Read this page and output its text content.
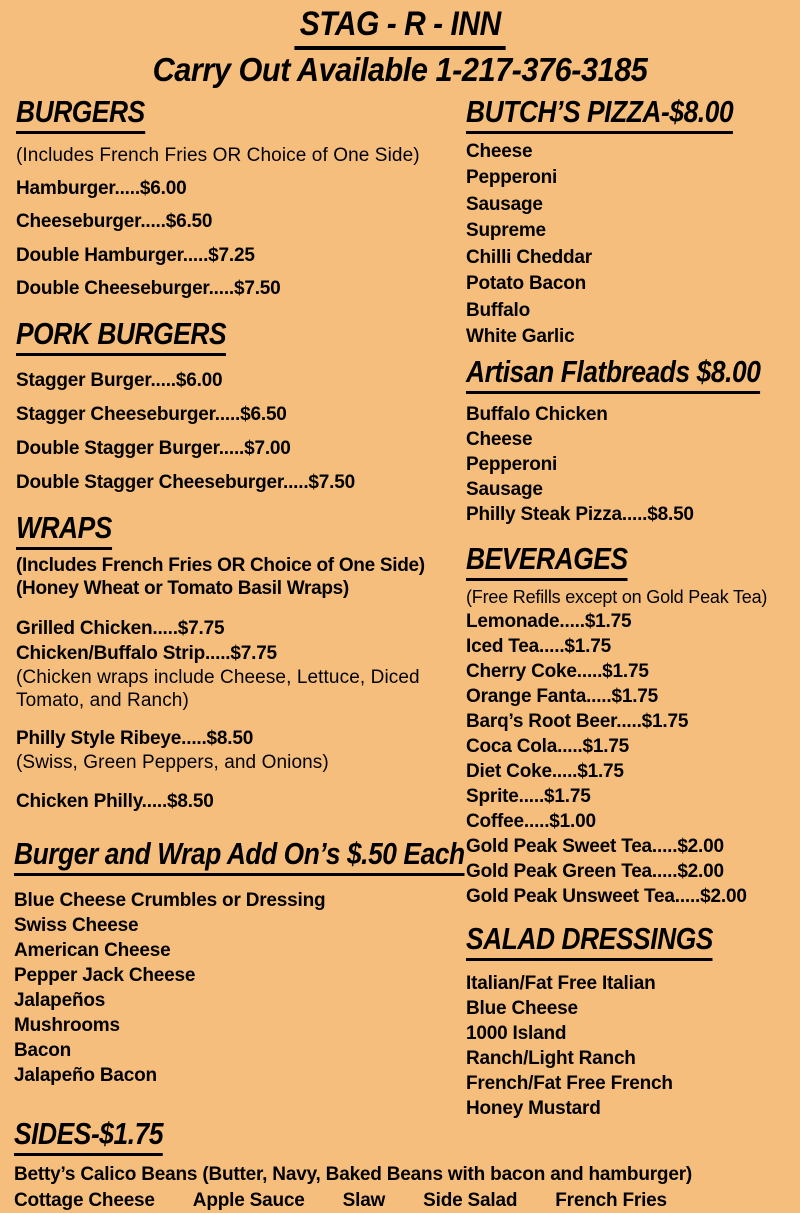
STAG - R - INN
Carry Out Available 1-217-376-3185
BURGERS
(Includes French Fries OR Choice of One Side)
Hamburger.....$6.00
Cheeseburger.....$6.50
Double Hamburger.....$7.25
Double Cheeseburger.....$7.50
PORK BURGERS
Stagger Burger.....$6.00
Stagger Cheeseburger.....$6.50
Double Stagger Burger.....$7.00
Double Stagger Cheeseburger.....$7.50
WRAPS
(Includes French Fries OR Choice of One Side)
(Honey Wheat or Tomato Basil Wraps)
Grilled Chicken.....$7.75
Chicken/Buffalo Strip.....$7.75
(Chicken wraps include Cheese, Lettuce, Diced Tomato, and Ranch)
Philly Style Ribeye.....$8.50
(Swiss, Green Peppers, and Onions)
Chicken Philly.....$8.50
Burger and Wrap Add On’s $.50 Each
Blue Cheese Crumbles or Dressing
Swiss Cheese
American Cheese
Pepper Jack Cheese
Jalapeños
Mushrooms
Bacon
Jalapeño Bacon
BUTCH’S PIZZA-$8.00
Cheese
Pepperoni
Sausage
Supreme
Chilli Cheddar
Potato Bacon
Buffalo
White Garlic
Artisan Flatbreads $8.00
Buffalo Chicken
Cheese
Pepperoni
Sausage
Philly Steak Pizza.....$8.50
BEVERAGES
(Free Refills except on Gold Peak Tea)
Lemonade.....$1.75
Iced Tea.....$1.75
Cherry Coke.....$1.75
Orange Fanta.....$1.75
Barq’s Root Beer.....$1.75
Coca Cola.....$1.75
Diet Coke.....$1.75
Sprite.....$1.75
Coffee.....$1.00
Gold Peak Sweet Tea.....$2.00
Gold Peak Green Tea.....$2.00
Gold Peak Unsweet Tea.....$2.00
SALAD DRESSINGS
Italian/Fat Free Italian
Blue Cheese
1000 Island
Ranch/Light Ranch
French/Fat Free French
Honey Mustard
SIDES-$1.75
Betty’s Calico Beans (Butter, Navy, Baked Beans with bacon and hamburger)
Cottage Cheese Apple Sauce Slaw Side Salad French Fries
